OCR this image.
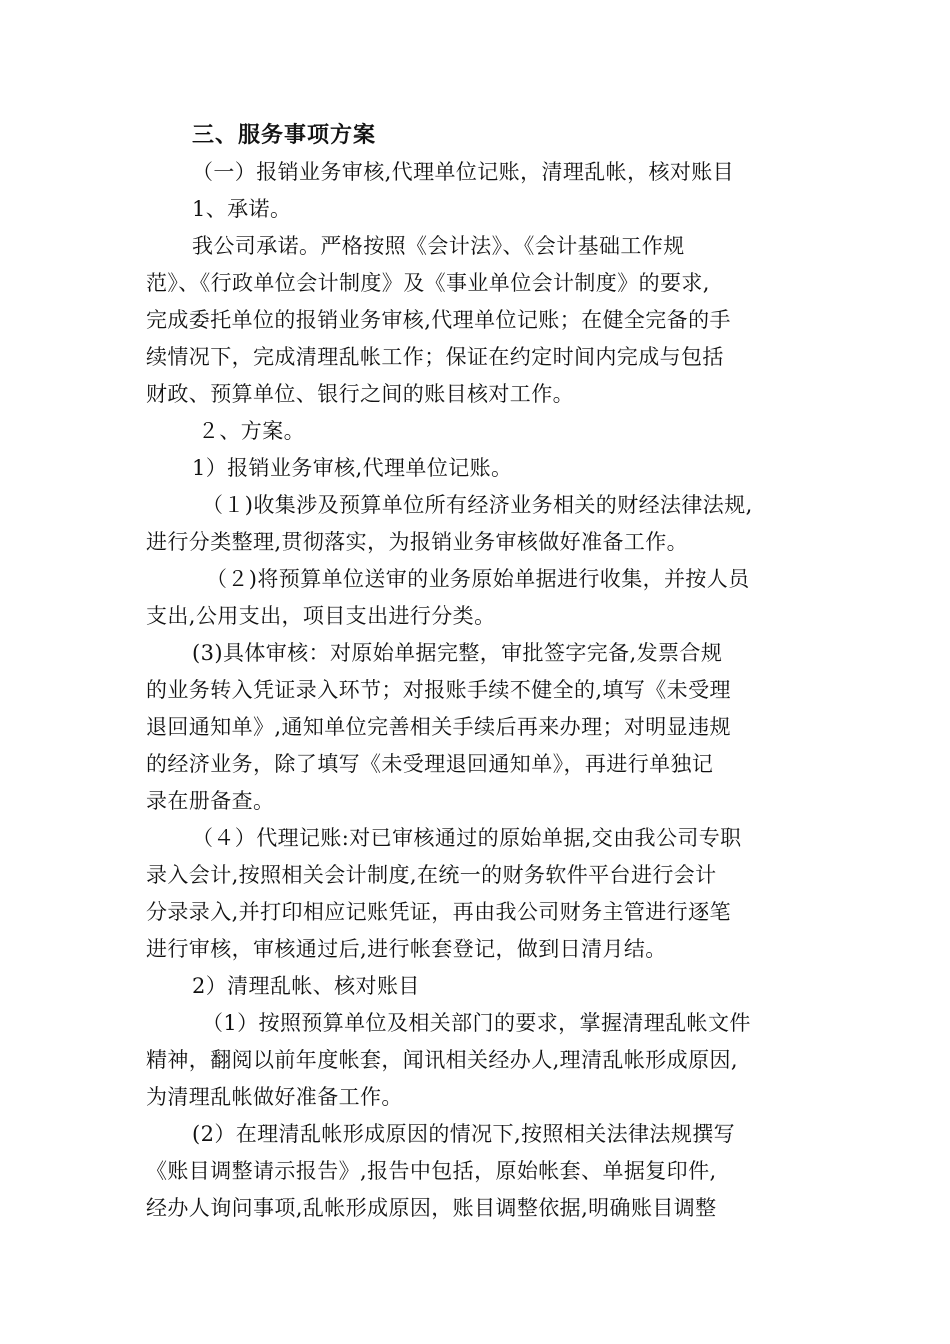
三、服务事项方案
（一）报销业务审核,代理单位记账，清理乱帐，核对账目
1、承诺。
我公司承诺。严格按照《会计法》、《会计基础工作规
范》、《行政单位会计制度》及《事业单位会计制度》的要求,
完成委托单位的报销业务审核,代理单位记账；在健全完备的手
续情况下，完成清理乱帐工作；保证在约定时间内完成与包括
财政、预算单位、银行之间的账目核对工作。
２、方案。
1）报销业务审核,代理单位记账。
（１)收集涉及预算单位所有经济业务相关的财经法律法规,
进行分类整理,贯彻落实，为报销业务审核做好准备工作。
（２)将预算单位送审的业务原始单据进行收集，并按人员
支出,公用支出，项目支出进行分类。
(3)具体审核：对原始单据完整，审批签字完备,发票合规
的业务转入凭证录入环节；对报账手续不健全的,填写《未受理
退回通知单》,通知单位完善相关手续后再来办理；对明显违规
的经济业务，除了填写《未受理退回通知单》，再进行单独记
录在册备查。
（４）代理记账:对已审核通过的原始单据,交由我公司专职
录入会计,按照相关会计制度,在统一的财务软件平台进行会计
分录录入,并打印相应记账凭证，再由我公司财务主管进行逐笔
进行审核，审核通过后,进行帐套登记，做到日清月结。
2）清理乱帐、核对账目
（1）按照预算单位及相关部门的要求，掌握清理乱帐文件
精神，翻阅以前年度帐套，闻讯相关经办人,理清乱帐形成原因,
为清理乱帐做好准备工作。
(2）在理清乱帐形成原因的情况下,按照相关法律法规撰写
《账目调整请示报告》,报告中包括，原始帐套、单据复印件,
经办人询问事项,乱帐形成原因，账目调整依据,明确账目调整
